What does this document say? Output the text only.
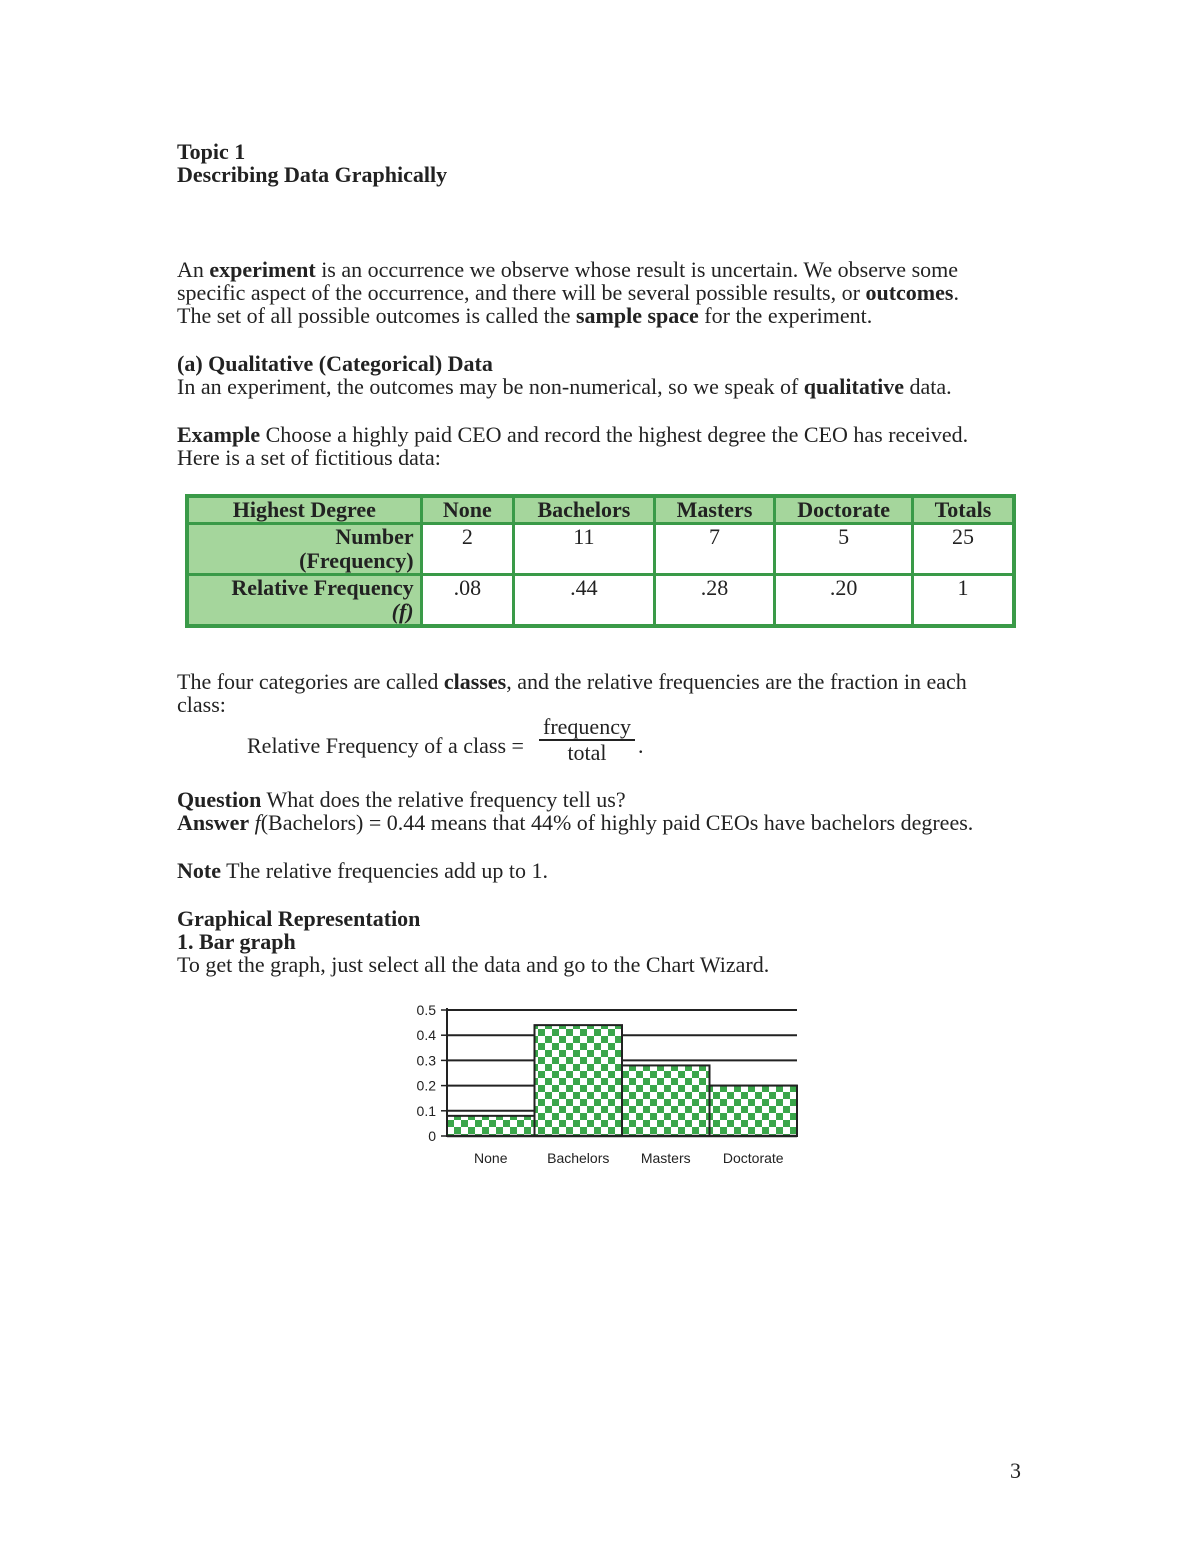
Topic 1

Describing Data Graphically

An experiment is an occurrence we observe whose result is uncertain. We observe some

specific aspect of the occurrence, and there will be several possible results, or outcomes.

The set of all possible outcomes is called the sample space for the experiment.

(a) Qualitative (Categorical) Data

In an experiment, the outcomes may be non-numerical, so we speak of qualitative data.

Example Choose a highly paid CEO and record the highest degree the CEO has received.

Here is a set of fictitious data:

Highest Degree	None	Bachelors	Masters	Doctorate	Totals
Number
(Frequency)	2	11	7	5	25
Relative Frequency
(f)	.08	.44	.28	.20	1

The four categories are called classes, and the relative frequencies are the fraction in each

class:

Relative Frequency of a class =
frequency
total	.

Question What does the relative frequency tell us?

Answer f(Bachelors) = 0.44 means that 44% of highly paid CEOs have bachelors degrees.

Note The relative frequencies add up to 1.

Graphical Representation

1. Bar graph

To get the graph, just select all the data and go to the Chart Wizard.

0
0.1
0.2
0.3
0.4
0.5
None	Bachelors Masters Doctorate
3
